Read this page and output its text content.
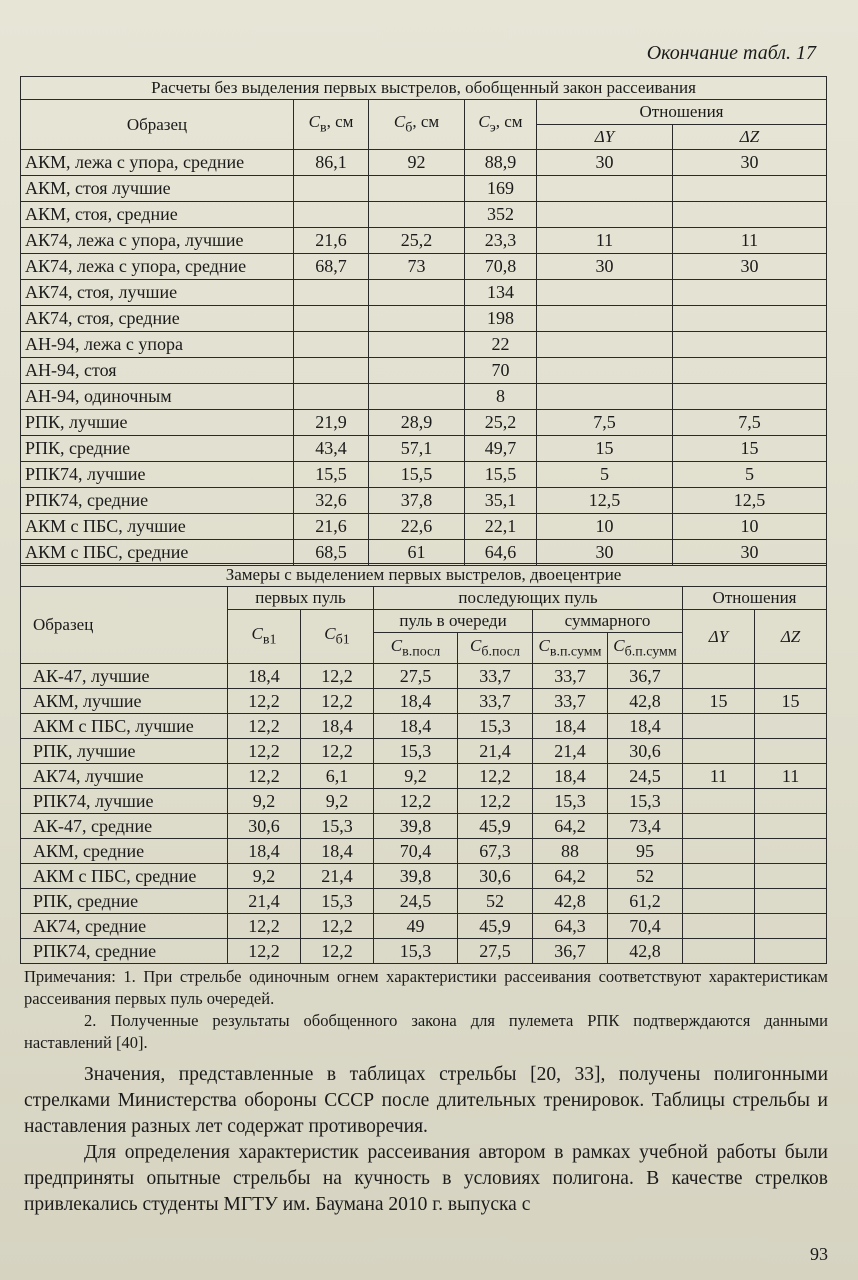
Окончание табл. 17
Расчеты без выделения первых выстрелов, обобщенный закон рассеивания					
Образец	$C_в$, см	$C_б$, см	$C_э$, см	Отношения	
				ΔY	ΔZ
АКМ, лежа с упора, средние	86,1	92	88,9	30	30
АКМ, стоя лучшие			169		
АКМ, стоя, средние			352		
АК74, лежа с упора, лучшие	21,6	25,2	23,3	11	11
АК74, лежа с упора, средние	68,7	73	70,8	30	30
АК74, стоя, лучшие			134		
АК74, стоя, средние			198		
АН-94, лежа с упора			22		
АН-94, стоя			70		
АН-94, одиночным			8		
РПК, лучшие	21,9	28,9	25,2	7,5	7,5
РПК, средние	43,4	57,1	49,7	15	15
РПК74, лучшие	15,5	15,5	15,5	5	5
РПК74, средние	32,6	37,8	35,1	12,5	12,5
АКМ с ПБС, лучшие	21,6	22,6	22,1	10	10
АКМ с ПБС, средние	68,5	61	64,6	30	30
Замеры с выделением первых выстрелов, двоецентрие								
Образец	первых пуль		последующих пуль				Отношения	
	$C_{в1}$	$C_{б1}$	пуль в очереди		суммарного		ΔY	ΔZ
			$C_{в.посл}$	$C_{б.посл}$	$C_{в.п.сумм}$	$C_{б.п.сумм}$
АК-47, лучшие	18,4	12,2	27,5	33,7	33,7	36,7		
АКМ, лучшие	12,2	12,2	18,4	33,7	33,7	42,8	15	15
АКМ с ПБС, лучшие	12,2	18,4	18,4	15,3	18,4	18,4		
РПК, лучшие	12,2	12,2	15,3	21,4	21,4	30,6		
АК74, лучшие	12,2	6,1	9,2	12,2	18,4	24,5	11	11
РПК74, лучшие	9,2	9,2	12,2	12,2	15,3	15,3		
АК-47, средние	30,6	15,3	39,8	45,9	64,2	73,4		
АКМ, средние	18,4	18,4	70,4	67,3	88	95		
АКМ с ПБС, средние	9,2	21,4	39,8	30,6	64,2	52		
РПК, средние	21,4	15,3	24,5	52	42,8	61,2		
АК74, средние	12,2	12,2	49	45,9	64,3	70,4		
РПК74, средние	12,2	12,2	15,3	27,5	36,7	42,8		

Примечания: 1. При стрельбе одиночным огнем характеристики рассеивания соответствуют характеристикам рассеивания первых пуль очередей.

2. Полученные результаты обобщенного закона для пулемета РПК подтверждаются данными наставлений [40].

Значения, представленные в таблицах стрельбы [20, 33], получены полигонными стрелками Министерства обороны СССР после длительных тренировок. Таблицы стрельбы и наставления разных лет содержат противоречия.

Для определения характеристик рассеивания автором в рамках учебной работы были предприняты опытные стрельбы на кучность в условиях полигона. В качестве стрелков привлекались студенты МГТУ им. Баумана 2010 г. выпуска с

93
